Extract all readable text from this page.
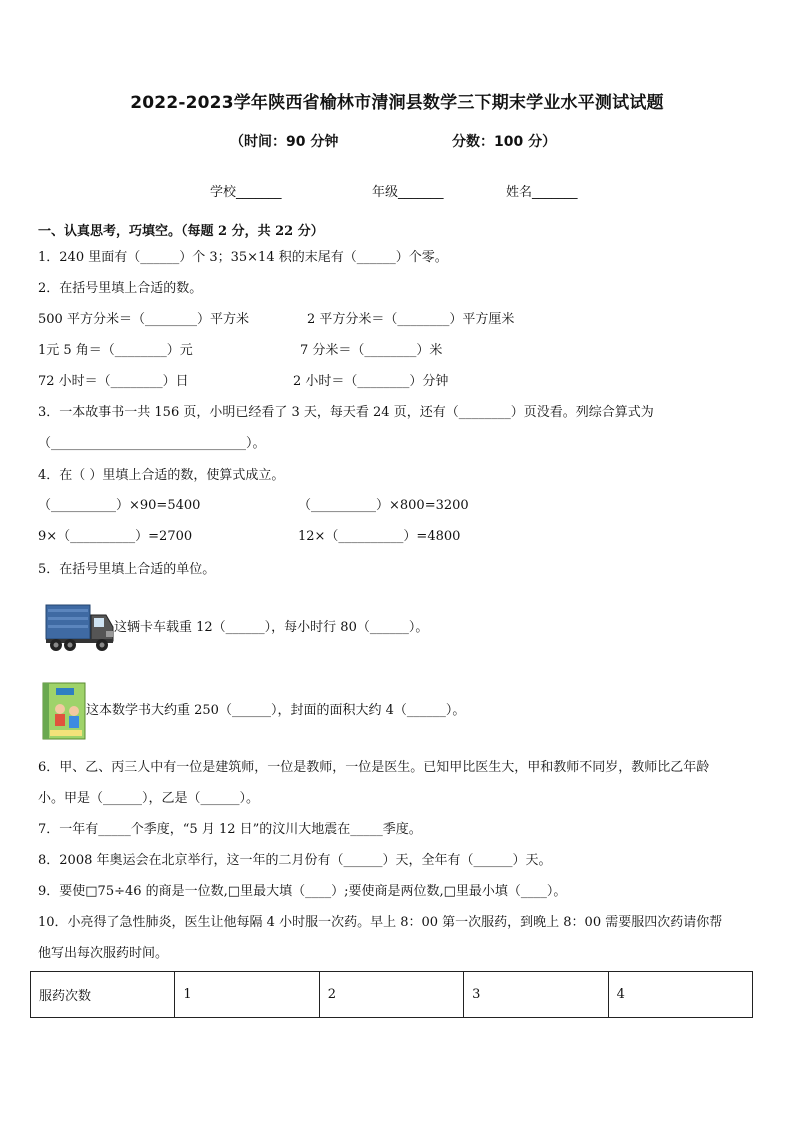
2022-2023学年陕西省榆林市清涧县数学三下期末学业水平测试试题
（时间：90 分钟	分数：100 分）
学校_______	年级_______	姓名_______
一、认真思考，巧填空。（每题 2 分，共 22 分）
1．240 里面有（______）个 3；35×14 积的末尾有（______）个零。
2．在括号里填上合适的数。
500 平方分米＝（________）平方米	2 平方分米＝（________）平方厘米
1元 5 角＝（________）元	7 分米＝（________）米
72 小时＝（________）日	2 小时＝（________）分钟
3．一本故事书一共 156 页，小明已经看了 3 天，每天看 24 页，还有（________）页没看。列综合算式为
（______________________________）。
4．在（ ）里填上合适的数，使算式成立。
（__________）×90=5400	（__________）×800=3200
9×（__________）=2700	12×（__________）=4800
5．在括号里填上合适的单位。
这辆卡车载重 12（______），每小时行 80（______）。
这本数学书大约重 250（______），封面的面积大约 4（______）。
6．甲、乙、丙三人中有一位是建筑师，一位是教师，一位是医生。已知甲比医生大，甲和教师不同岁，教师比乙年龄
小。甲是（______），乙是（______）。
7．一年有_____个季度，“5 月 12 日”的汶川大地震在_____季度。
8．2008 年奥运会在北京举行，这一年的二月份有（______）天，全年有（______）天。
9．要使□75÷46 的商是一位数,□里最大填（____）;要使商是两位数,□里最小填（____）。
10．小亮得了急性肺炎，医生让他每隔 4 小时服一次药。早上 8：00 第一次服药，到晚上 8：00 需要服四次药请你帮
他写出每次服药时间。
服药次数	1	2	3	4
